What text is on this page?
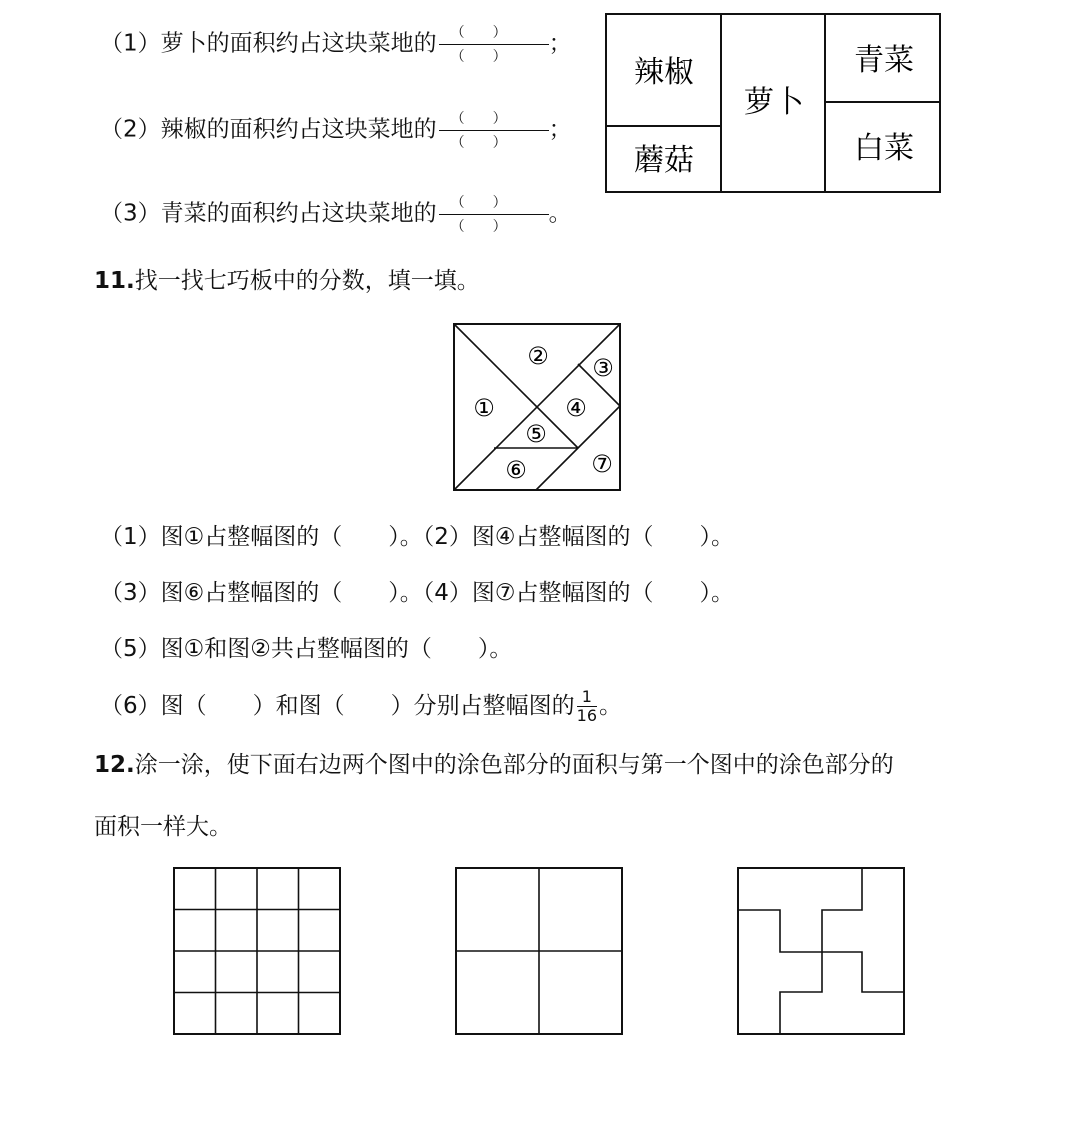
（1）萝卜的面积约占这块菜地的 $\frac{( )}{( )}$ ；
（2）辣椒的面积约占这块菜地的 $\frac{( )}{( )}$ ；
（3）青菜的面积约占这块菜地的 $\frac{( )}{( )}$ 。
辣椒
蘑菇
萝卜
青菜
白菜
11.找一找七巧板中的分数，填一填。
①
② ③
④
⑤
⑥	⑦
（1）图①占整幅图的（　　）。（2）图④占整幅图的（　　）。
（3）图⑥占整幅图的（　　）。（4）图⑦占整幅图的（　　）。
（5）图①和图②共占整幅图的（　　）。
（6）图（　　）和图（　　）分别占整幅图的 $\frac{1}{16}$ 。
12.涂一涂，使下面右边两个图中的涂色部分的面积与第一个图中的涂色部分的
面积一样大。
